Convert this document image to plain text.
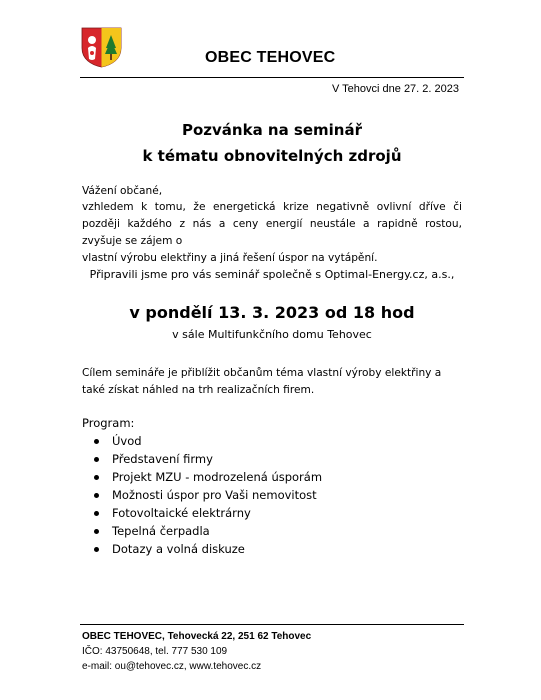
OBEC TEHOVEC
V Tehovci dne 27. 2. 2023
Pozvánka na seminář
k tématu obnovitelných zdrojů
Vážení občané,
vzhledem k tomu, že energetická krize negativně ovlivní dříve či později každého z nás a ceny energií neustále a rapidně rostou, zvyšuje se zájem o
vlastní výrobu elektřiny a jiná řešení úspor na vytápění.
Připravili jsme pro vás seminář společně s Optimal-Energy.cz, a.s.,
v pondělí 13. 3. 2023 od 18 hod
v sále Multifunkčního domu Tehovec
Cílem semináře je přiblížit občanům téma vlastní výroby elektřiny a také získat náhled na trh realizačních firem.
Program:
Úvod
Představení firmy
Projekt MZU - modrozelená úsporám
Možnosti úspor pro Vaši nemovitost
Fotovoltaické elektrárny
Tepelná čerpadla
Dotazy a volná diskuze
OBEC TEHOVEC, Tehovecká 22, 251 62 Tehovec
IČO: 43750648, tel. 777 530 109
e-mail: ou@tehovec.cz, www.tehovec.cz
